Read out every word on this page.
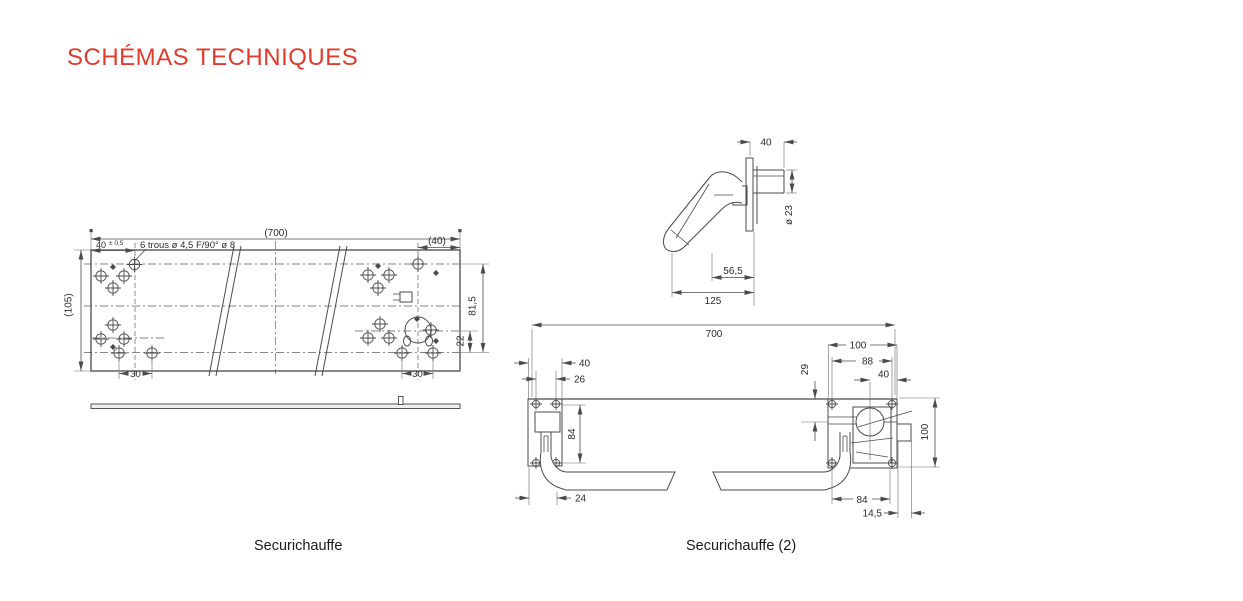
SCHÉMAS TECHNIQUES
(700)
40 ± 0,5 6 trous ø 4,5 F/90° ø 8	(40)
(105)	81,5
22
30	30
40
ø 23
56,5
125
700
40
26
84
24
100
88
40
29
100
84
14,5
Securichauffe	Securichauffe (2)
